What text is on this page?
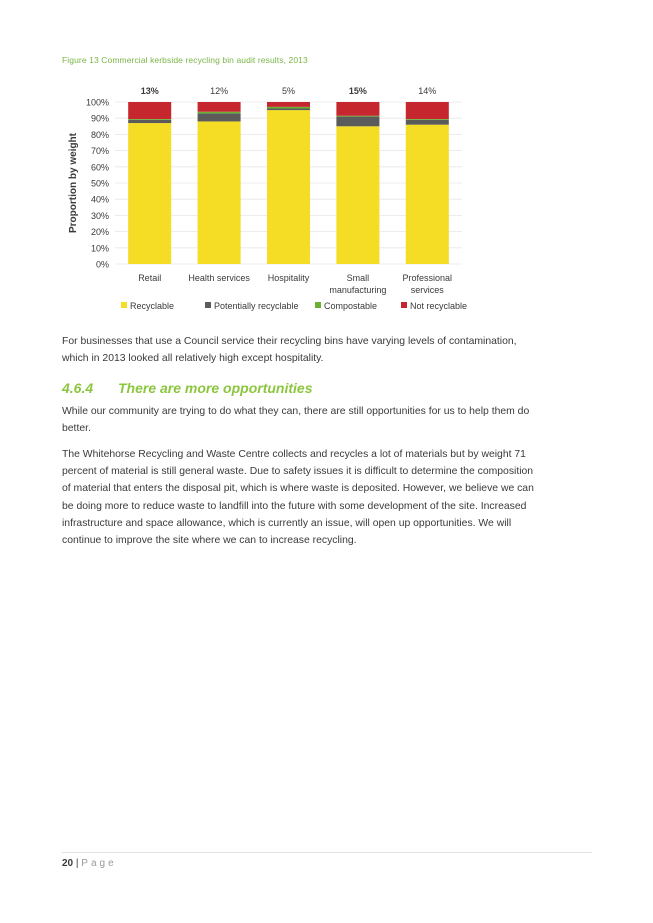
Figure 13 Commercial kerbside recycling bin audit results, 2013
0%
10%
20%
30%
40%
50%
60%
70%
80%
90%
100%
Proportion by weight
13%
Retail
12%
Health services
5%
Hospitality
15%
Small
manufacturing
14%
Professional
services
Recyclable	Potentially recyclable	Compostable	Not recyclable

For businesses that use a Council service their recycling bins have varying levels of contamination, which in 2013 looked all relatively high except hospitality.

4.6.4 There are more opportunities

While our community are trying to do what they can, there are still opportunities for us to help them do better.

The Whitehorse Recycling and Waste Centre collects and recycles a lot of materials but by weight 71 percent of material is still general waste. Due to safety issues it is difficult to determine the composition of material that enters the disposal pit, which is where waste is deposited. However, we believe we can be doing more to reduce waste to landfill into the future with some development of the site. Increased infrastructure and space allowance, which is currently an issue, will open up opportunities. We will continue to improve the site where we can to increase recycling.

20 | Page
